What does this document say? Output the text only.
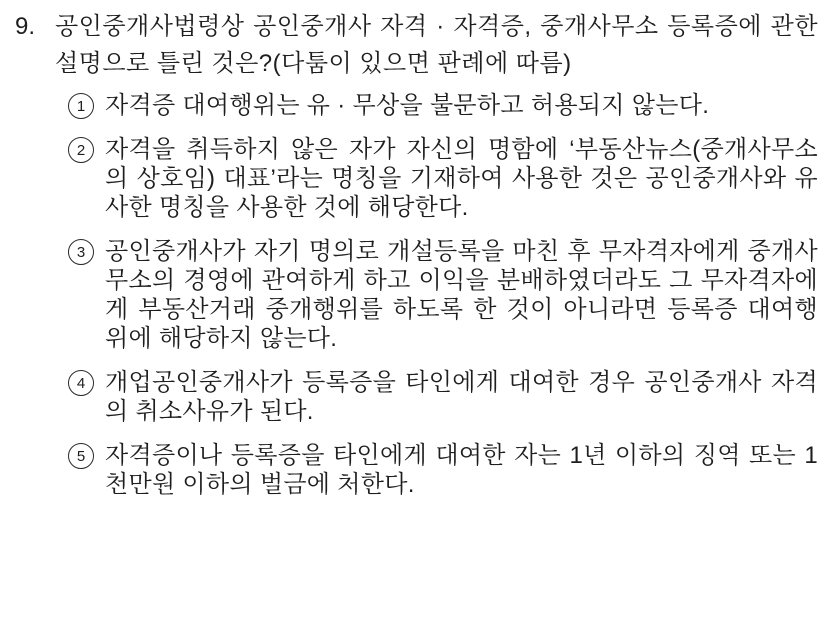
9. 공인중개사법령상 공인중개사 자격 · 자격증, 중개사무소 등록증에 관한 설명으로 틀린 것은?(다툼이 있으면 판례에 따름)
1 자격증 대여행위는 유 · 무상을 불문하고 허용되지 않는다.
2 자격을 취득하지 않은 자가 자신의 명함에 ‘부동산뉴스(중개사무소의 상호임) 대표’라는 명칭을 기재하여 사용한 것은 공인중개사와 유사한 명칭을 사용한 것에 해당한다.
3 공인중개사가 자기 명의로 개설등록을 마친 후 무자격자에게 중개사무소의 경영에 관여하게 하고 이익을 분배하였더라도 그 무자격자에게 부동산거래 중개행위를 하도록 한 것이 아니라면 등록증 대여행위에 해당하지 않는다.
4 개업공인중개사가 등록증을 타인에게 대여한 경우 공인중개사 자격의 취소사유가 된다.
5 자격증이나 등록증을 타인에게 대여한 자는 1년 이하의 징역 또는 1천만원 이하의 벌금에 처한다.
